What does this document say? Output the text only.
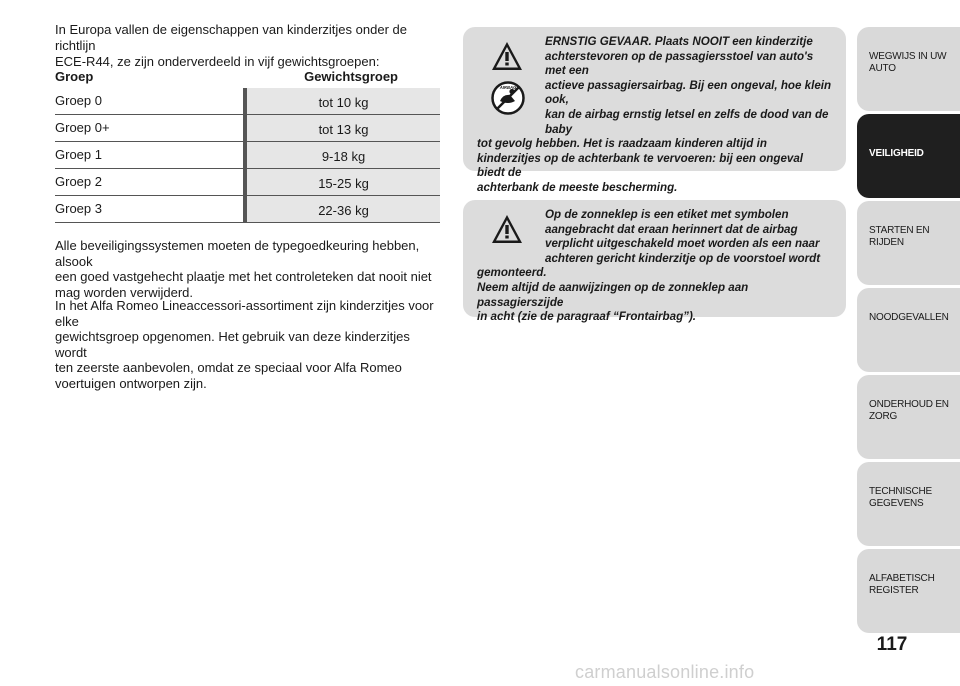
In Europa vallen de eigenschappen van kinderzitjes onder de richtlijn
ECE-R44, ze zijn onderverdeeld in vijf gewichtsgroepen:
Groep	Gewichtsgroep
Groep 0	tot 10 kg
Groep 0+	tot 13 kg
Groep 1	9-18 kg
Groep 2	15-25 kg
Groep 3	22-36 kg
Alle beveiligingssystemen moeten de typegoedkeuring hebben, alsook
een goed vastgehecht plaatje met het controleteken dat nooit niet
mag worden verwijderd.
In het Alfa Romeo Lineaccessori-assortiment zijn kinderzitjes voor elke
gewichtsgroep opgenomen. Het gebruik van deze kinderzitjes wordt
ten zeerste aanbevolen, omdat ze speciaal voor Alfa Romeo
voertuigen ontworpen zijn.
AIRBAG
ERNSTIG GEVAAR. Plaats NOOIT een kinderzitje
achterstevoren op de passagiersstoel van auto's met een
actieve passagiersairbag. Bij een ongeval, hoe klein ook,
kan de airbag ernstig letsel en zelfs de dood van de baby
tot gevolg hebben. Het is raadzaam kinderen altijd in
kinderzitjes op de achterbank te vervoeren: bij een ongeval biedt de
achterbank de meeste bescherming.
Op de zonneklep is een etiket met symbolen
aangebracht dat eraan herinnert dat de airbag
verplicht uitgeschakeld moet worden als een naar
achteren gericht kinderzitje op de voorstoel wordt gemonteerd.
Neem altijd de aanwijzingen op de zonneklep aan passagierszijde
in acht (zie de paragraaf “Frontairbag”).
WEGWIJS IN UW
AUTO
VEILIGHEID
STARTEN EN RIJDEN
NOODGEVALLEN
ONDERHOUD EN
ZORG
TECHNISCHE
GEGEVENS
ALFABETISCH
REGISTER
117
carmanualsonline.info
